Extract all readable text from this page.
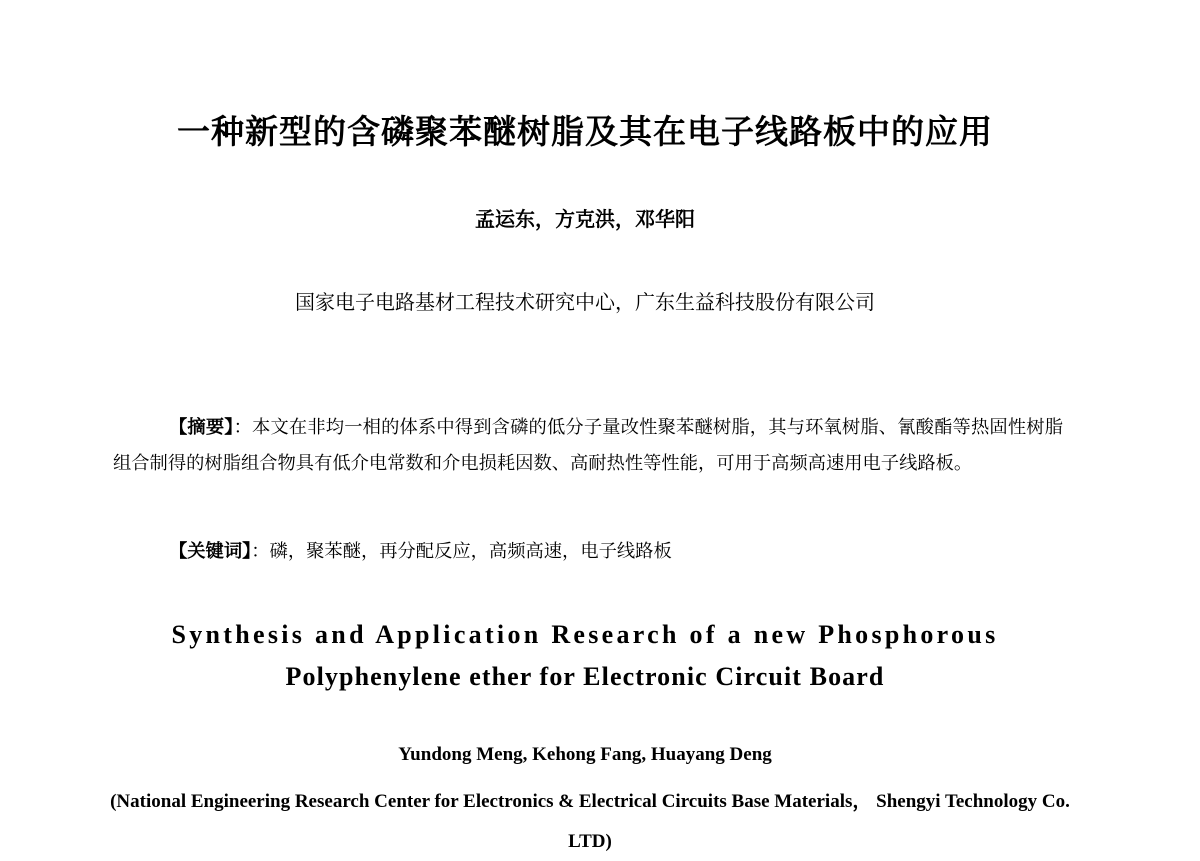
一种新型的含磷聚苯醚树脂及其在电子线路板中的应用
孟运东，方克洪，邓华阳
国家电子电路基材工程技术研究中心，广东生益科技股份有限公司

【摘要】：本文在非均一相的体系中得到含磷的低分子量改性聚苯醚树脂，其与环氧树脂、氰酸酯等热固性树脂组合制得的树脂组合物具有低介电常数和介电损耗因数、高耐热性等性能，可用于高频高速用电子线路板。

【关键词】：磷，聚苯醚，再分配反应，高频高速，电子线路板
Synthesis and Application Research of a new Phosphorous
Polyphenylene ether for Electronic Circuit Board
Yundong Meng, Kehong Fang, Huayang Deng
(National Engineering Research Center for Electronics & Electrical Circuits Base Materials， Shengyi Technology Co. LTD)
